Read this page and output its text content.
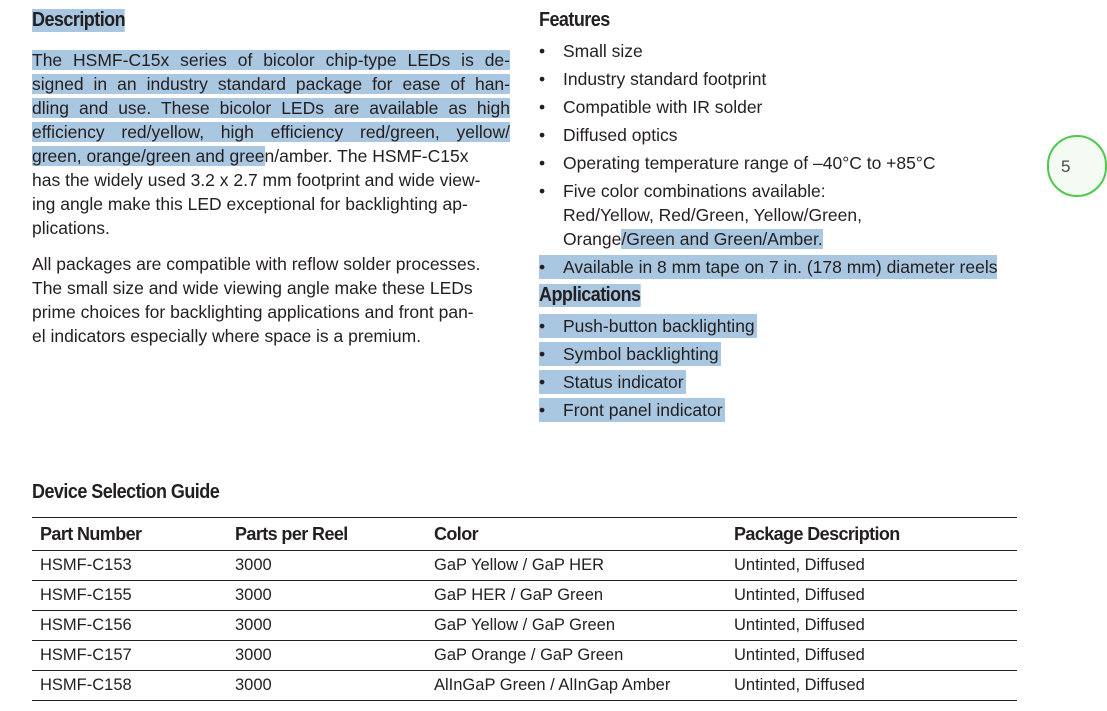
Description

The HSMF-C15x series of bicolor chip-type LEDs is de-
signed in an industry standard package for ease of han-
dling and use. These bicolor LEDs are available as high
efficiency red/yellow, high efficiency red/green, yellow/
green, orange/green and green/amber. The HSMF-C15x
has the widely used 3.2 x 2.7 mm footprint and wide view-
ing angle make this LED exceptional for backlighting ap-
plications.

All packages are compatible with reflow solder processes.
The small size and wide viewing angle make these LEDs
prime choices for backlighting applications and front pan-
el indicators especially where space is a premium.

Features
•	Small size
•	Industry standard footprint
•	Compatible with IR solder
•	Diffused optics
•	Operating temperature range of –40°C to +85°C
•	Five color combinations available:
Red/Yellow, Red/Green, Yellow/Green,
Orange/Green and Green/Amber.
• Available in 8 mm tape on 7 in. (178 mm) diameter reels
Applications
• Push-button backlighting
• Symbol backlighting
• Status indicator
• Front panel indicator
5
Device Selection Guide
Part Number	Parts per Reel	Color	Package Description
HSMF-C153	3000	GaP Yellow / GaP HER	Untinted, Diffused
HSMF-C155	3000	GaP HER / GaP Green	Untinted, Diffused
HSMF-C156	3000	GaP Yellow / GaP Green	Untinted, Diffused
HSMF-C157	3000	GaP Orange / GaP Green	Untinted, Diffused
HSMF-C158	3000	AlInGaP Green / AlInGap Amber	Untinted, Diffused
